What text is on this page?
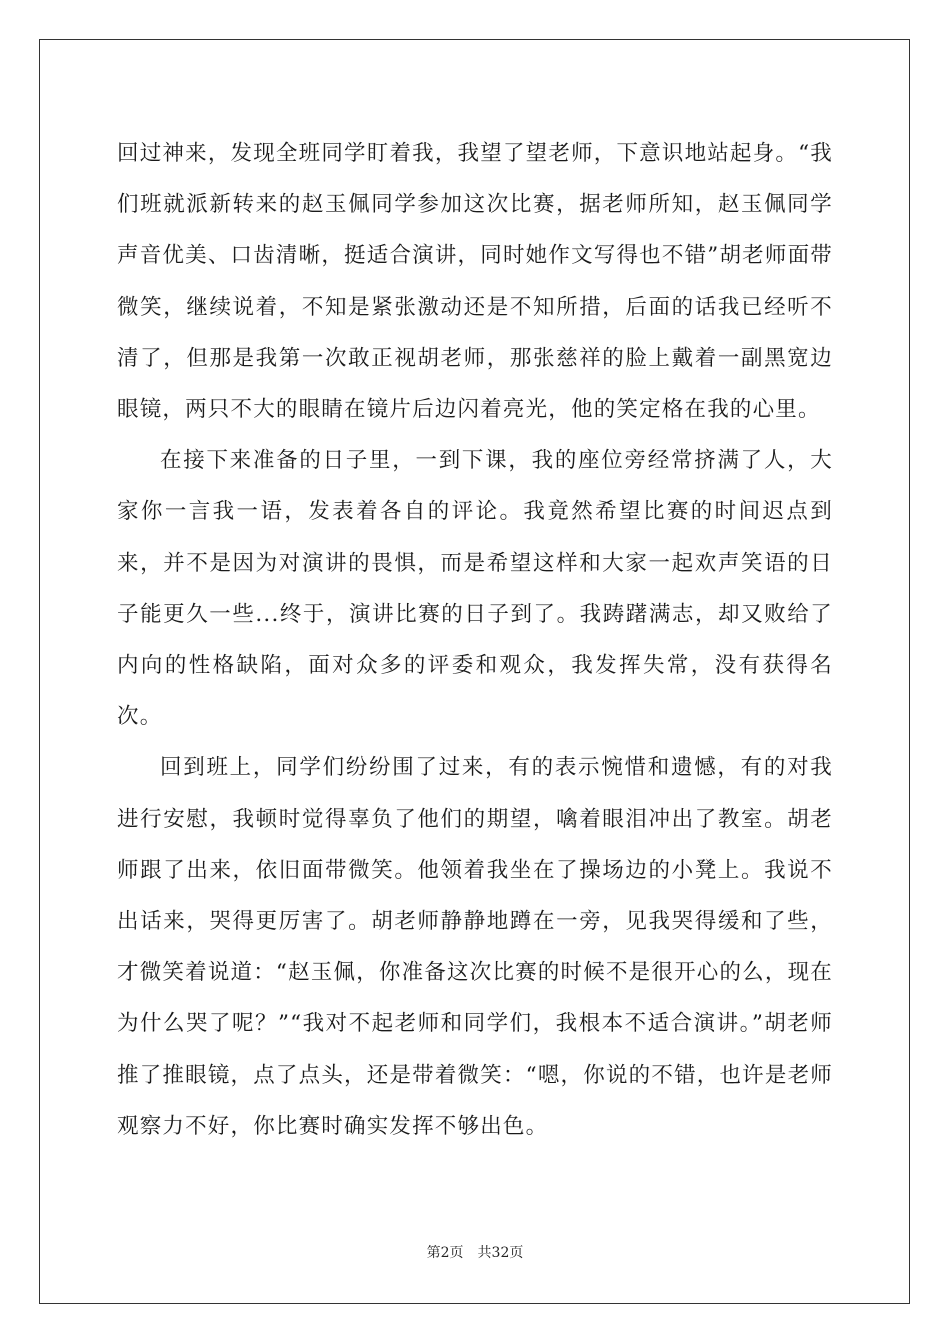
回过神来，发现全班同学盯着我，我望了望老师，下意识地站起身。“我们班就派新转来的赵玉佩同学参加这次比赛，据老师所知，赵玉佩同学声音优美、口齿清晰，挺适合演讲，同时她作文写得也不错”胡老师面带微笑，继续说着，不知是紧张激动还是不知所措，后面的话我已经听不清了，但那是我第一次敢正视胡老师，那张慈祥的脸上戴着一副黑宽边眼镜，两只不大的眼睛在镜片后边闪着亮光，他的笑定格在我的心里。

在接下来准备的日子里，一到下课，我的座位旁经常挤满了人，大家你一言我一语，发表着各自的评论。我竟然希望比赛的时间迟点到来，并不是因为对演讲的畏惧，而是希望这样和大家一起欢声笑语的日子能更久一些...终于，演讲比赛的日子到了。我踌躇满志，却又败给了内向的性格缺陷，面对众多的评委和观众，我发挥失常，没有获得名次。

回到班上，同学们纷纷围了过来，有的表示惋惜和遗憾，有的对我进行安慰，我顿时觉得辜负了他们的期望，噙着眼泪冲出了教室。胡老师跟了出来，依旧面带微笑。他领着我坐在了操场边的小凳上。我说不出话来，哭得更厉害了。胡老师静静地蹲在一旁，见我哭得缓和了些，才微笑着说道：“赵玉佩，你准备这次比赛的时候不是很开心的么，现在为什么哭了呢？”“我对不起老师和同学们，我根本不适合演讲。”胡老师推了推眼镜，点了点头，还是带着微笑：“嗯，你说的不错，也许是老师观察力不好，你比赛时确实发挥不够出色。

第2页 共32页
